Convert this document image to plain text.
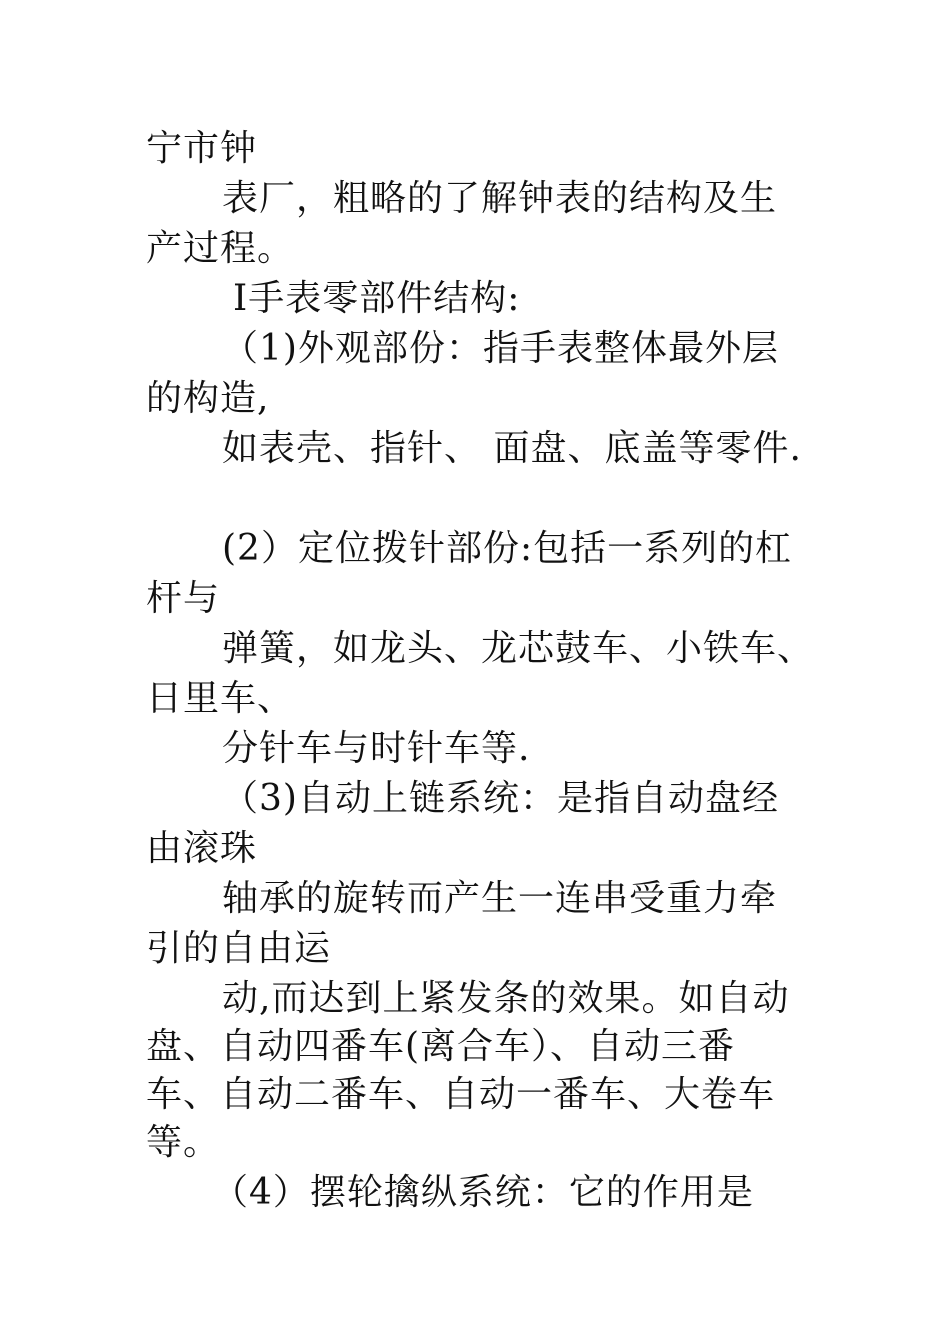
宁市钟
表厂，粗略的了解钟表的结构及生
产过程。
Ⅰ手表零部件结构:
（1)外观部份：指手表整体最外层
的构造,
如表壳、指针、 面盘、底盖等零件.
(2）定位拨针部份:包括一系列的杠
杆与
弹簧，如龙头、龙芯鼓车、小铁车、
日里车、
分针车与时针车等.
（3)自动上链系统：是指自动盘经
由滚珠
轴承的旋转而产生一连串受重力牵
引的自由运
动,而达到上紧发条的效果。如自动
盘、自动四番车(离合车）、自动三番
车、自动二番车、自动一番车、大卷车
等。
（4）摆轮擒纵系统：它的作用是
